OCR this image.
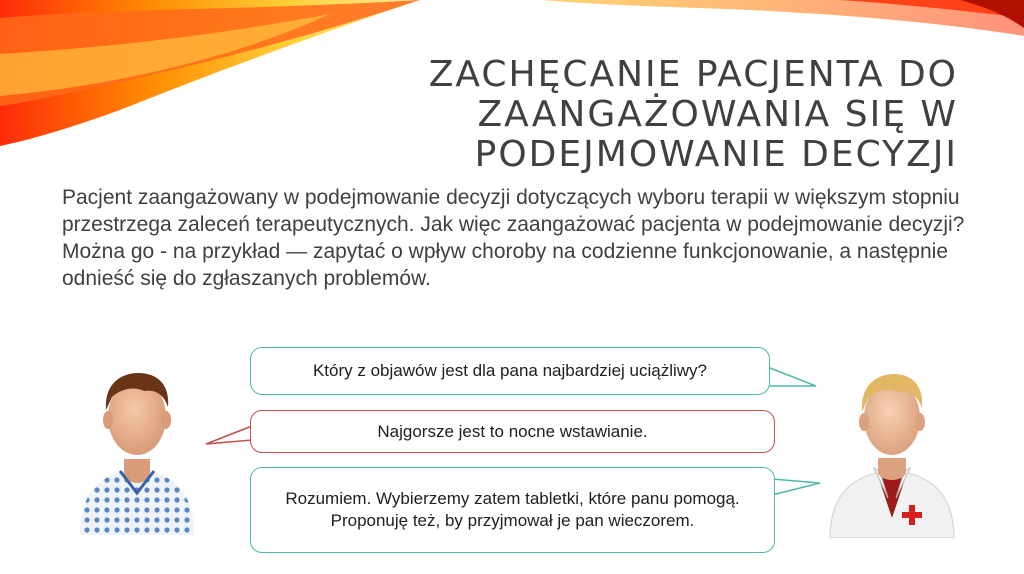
ZACHĘCANIE PACJENTA DO
ZAANGAŻOWANIA SIĘ W
PODEJMOWANIE DECYZJI

Pacjent zaangażowany w podejmowanie decyzji dotyczących wyboru terapii w większym stopniu przestrzega zaleceń terapeutycznych. Jak więc zaangażować pacjenta w podejmowanie decyzji? Można go - na przykład — zapytać o wpływ choroby na codzienne funkcjonowanie, a następnie odnieść się do zgłaszanych problemów.

Który z objawów jest dla pana najbardziej uciążliwy?
Najgorsze jest to nocne wstawianie.
Rozumiem. Wybierzemy zatem tabletki, które panu pomogą. Proponuję też, by przyjmował je pan wieczorem.
